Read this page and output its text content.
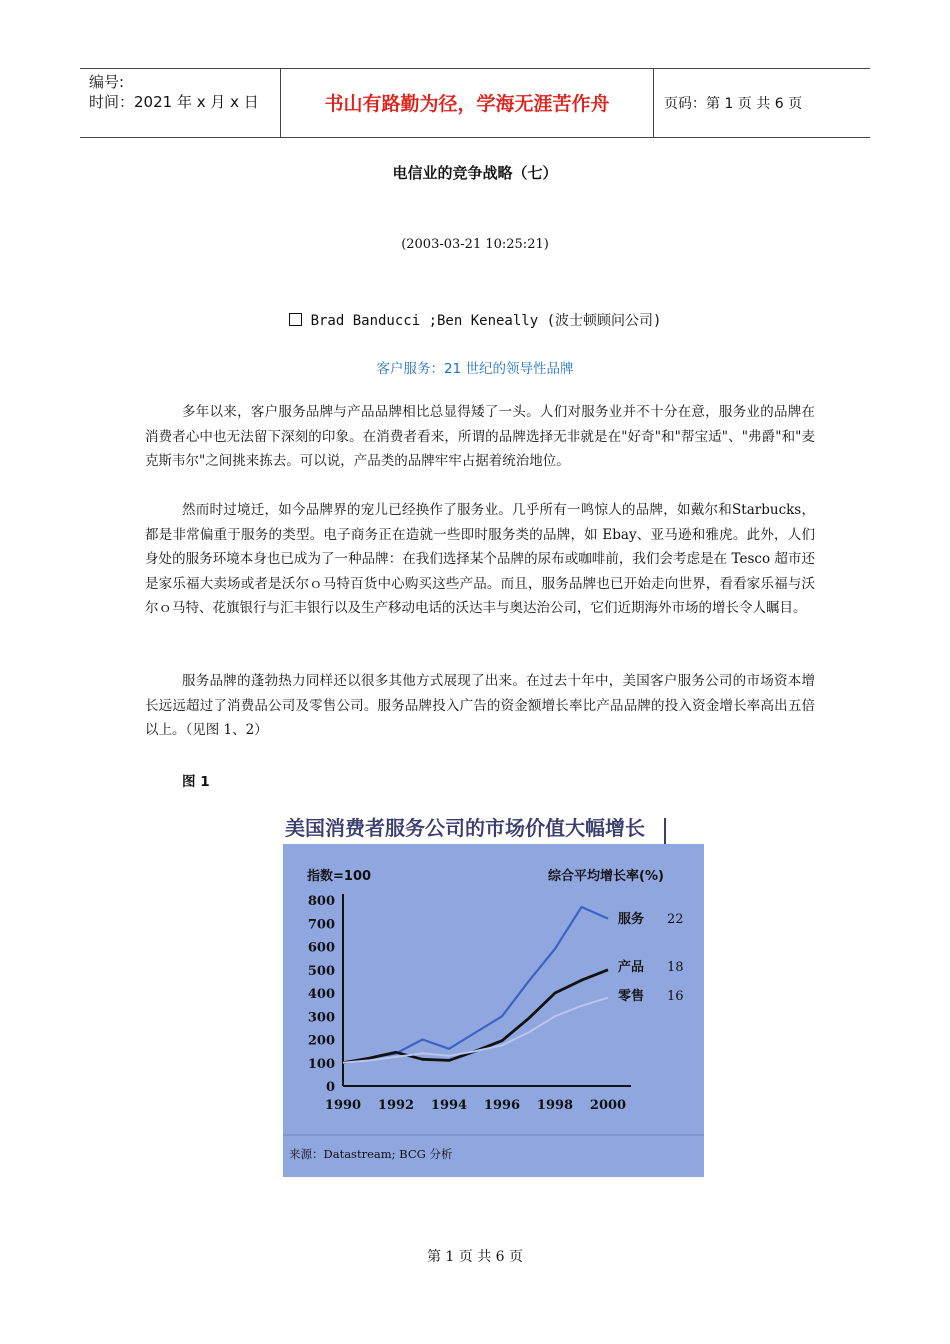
编号:
时间：2021 年 x 月 x 日	书山有路勤为径，学海无涯苦作舟	页码：第 1 页 共 6 页
电信业的竞争战略（七）
(2003-03-21 10:25:21)
Brad Banducci ;Ben Keneally (波士顿顾问公司)
客户服务：21 世纪的领导性品牌
多年以来，客户服务品牌与产品品牌相比总显得矮了一头。人们对服务业并不十分在意，服务业的品牌在消费者心中也无法留下深刻的印象。在消费者看来，所谓的品牌选择无非就是在"好奇"和"帮宝适"、"弗爵"和"麦克斯韦尔"之间挑来拣去。可以说，产品类的品牌牢牢占据着统治地位。
然而时过境迁，如今品牌界的宠儿已经换作了服务业。几乎所有一鸣惊人的品牌，如戴尔和Starbucks，都是非常偏重于服务的类型。电子商务正在造就一些即时服务类的品牌，如 Ebay、亚马逊和雅虎。此外，人们身处的服务环境本身也已成为了一种品牌：在我们选择某个品牌的尿布或咖啡前，我们会考虑是在 Tesco 超市还是家乐福大卖场或者是沃尔ｏ马特百货中心购买这些产品。而且，服务品牌也已开始走向世界，看看家乐福与沃尔ｏ马特、花旗银行与汇丰银行以及生产移动电话的沃达丰与奥达治公司，它们近期海外市场的增长令人瞩目。
服务品牌的蓬勃热力同样还以很多其他方式展现了出来。在过去十年中，美国客户服务公司的市场资本增长远远超过了消费品公司及零售公司。服务品牌投入广告的资金额增长率比产品品牌的投入资金增长率高出五倍以上。（见图 1、2）
图 1
美国消费者服务公司的市场价值大幅增长
指数=100	综合平均增长率(%)
0
100
200
300
400
500
600
700
800
1990 1992 1994 1996 1998 2000
服务 22
产品 18
零售 16
来源：Datastream; BCG 分析
第 1 页 共 6 页
